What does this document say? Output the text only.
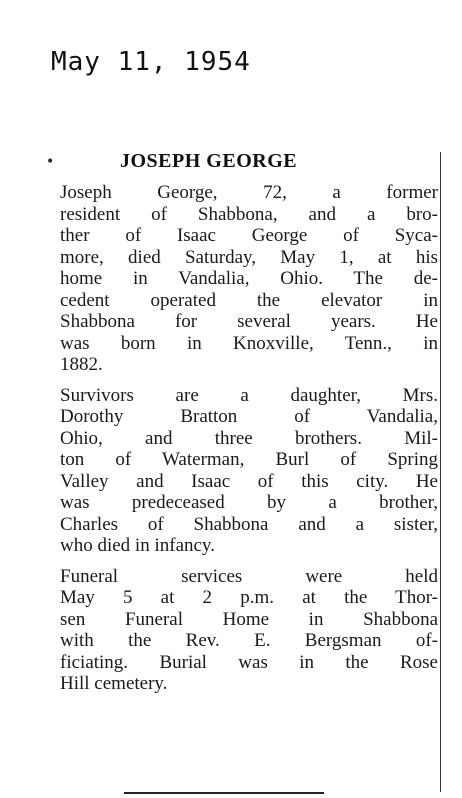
May 11, 1954
•	JOSEPH GEORGE
Joseph George, 72, a former
resident of Shabbona, and a bro-
ther of Isaac George of Syca-
more, died Saturday, May 1, at his
home in Vandalia, Ohio. The de-
cedent operated the elevator in
Shabbona for several years. He
was born in Knoxville, Tenn., in
1882.
Survivors are a daughter, Mrs.
Dorothy Bratton of Vandalia,
Ohio, and three brothers. Mil-
ton of Waterman, Burl of Spring
Valley and Isaac of this city. He
was predeceased by a brother,
Charles of Shabbona and a sister,
who died in infancy.
Funeral services were held
May 5 at 2 p.m. at the Thor-
sen Funeral Home in Shabbona
with the Rev. E. Bergsman of-
ficiating. Burial was in the Rose
Hill cemetery.
